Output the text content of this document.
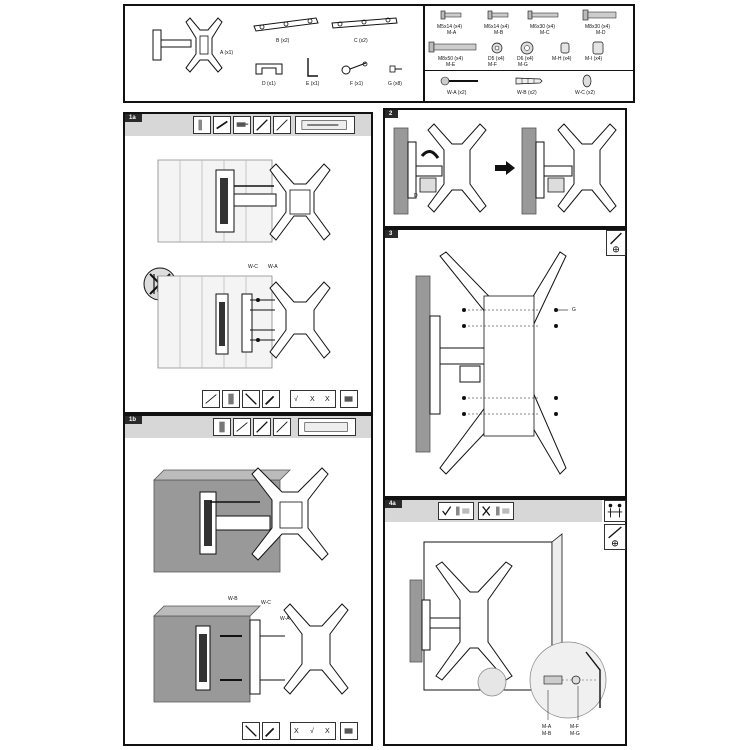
A (x1)
B (x2)	C (x2)
D (x1)	E (x1)	F (x1)	G (x8)
M5x14 (x4)
M-A
M6x14 (x4)
M-B
M6x30 (x4)
M-C
M8x30 (x4)
M-D
M8x50 (x4)
M-E
D5 (x4)
M-F
D6 (x4)
M-G
M-H (x4)	M-I (x4)
W-A (x2)	W-B (x2)	W-C (x2)
1a
W-C W-A
√ X X
1b
W-B
W-C
W-A
X √ X
2
D
3
G
4a
M-A
M-B
M-F
M-G
